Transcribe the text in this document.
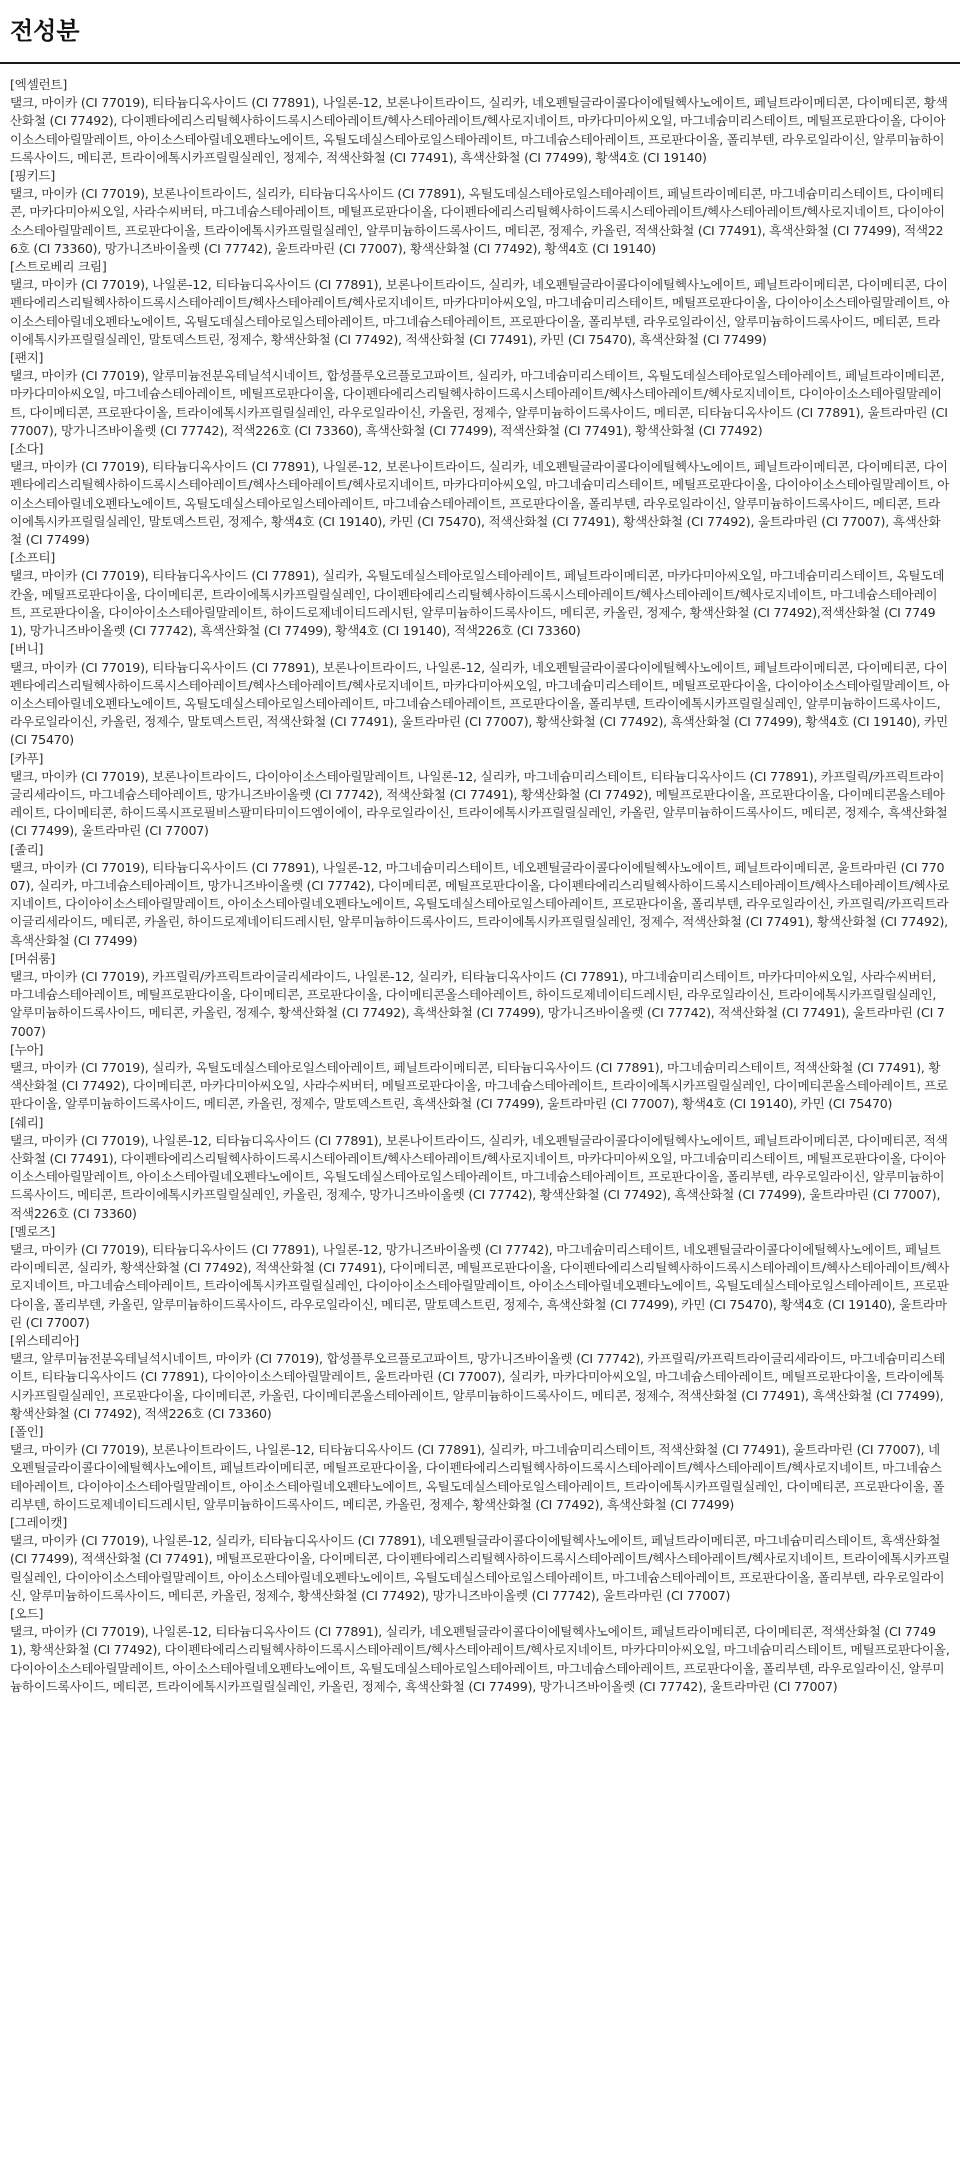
전성분
[엑셀런트]
탤크, 마이카 (CI 77019), 티타늄디옥사이드 (CI 77891), 나일론-12, 보론나이트라이드, 실리카, 네오펜틸글라이콜다이에틸헥사노에이트, 페닐트라이메티콘, 다이메티콘, 황색산화철 (CI 77492), 다이펜타에리스리틸헥사하이드록시스테아레이트/헥사스테아레이트/헥사로지네이트, 마카다미아씨오일, 마그네슘미리스테이트, 메틸프로판다이올, 다이아이소스테아릴말레이트, 아이소스테아릴네오펜타노에이트, 옥틸도데실스테아로일스테아레이트, 마그네슘스테아레이트, 프로판다이올, 폴리부텐, 라우로일라이신, 알루미늄하이드록사이드, 메티콘, 트라이에톡시카프릴릴실레인, 정제수, 적색산화철 (CI 77491), 흑색산화철 (CI 77499), 황색4호 (CI 19140)
[핑키드]
탤크, 마이카 (CI 77019), 보론나이트라이드, 실리카, 티타늄디옥사이드 (CI 77891), 옥틸도데실스테아로일스테아레이트, 페닐트라이메티콘, 마그네슘미리스테이트, 다이메티콘, 마카다미아씨오일, 사라수씨버터, 마그네슘스테아레이트, 메틸프로판다이올, 다이펜타에리스리틸헥사하이드록시스테아레이트/헥사스테아레이트/헥사로지네이트, 다이아이소스테아릴말레이트, 프로판다이올, 트라이에톡시카프릴릴실레인, 알루미늄하이드록사이드, 메티콘, 정제수, 카올린, 적색산화철 (CI 77491), 흑색산화철 (CI 77499), 적색226호 (CI 73360), 망가니즈바이올렛 (CI 77742), 울트라마린 (CI 77007), 황색산화철 (CI 77492), 황색4호 (CI 19140)
[스트로베리 크림]
탤크, 마이카 (CI 77019), 나일론-12, 티타늄디옥사이드 (CI 77891), 보론나이트라이드, 실리카, 네오펜틸글라이콜다이에틸헥사노에이트, 페닐트라이메티콘, 다이메티콘, 다이펜타에리스리틸헥사하이드록시스테아레이트/헥사스테아레이트/헥사로지네이트, 마카다미아씨오일, 마그네슘미리스테이트, 메틸프로판다이올, 다이아이소스테아릴말레이트, 아이소스테아릴네오펜타노에이트, 옥틸도데실스테아로일스테아레이트, 마그네슘스테아레이트, 프로판다이올, 폴리부텐, 라우로일라이신, 알루미늄하이드록사이드, 메티콘, 트라이에톡시카프릴릴실레인, 말토덱스트린, 정제수, 황색산화철 (CI 77492), 적색산화철 (CI 77491), 카민 (CI 75470), 흑색산화철 (CI 77499)
[팬지]
탤크, 마이카 (CI 77019), 알루미늄전분옥테닐석시네이트, 합성플루오르플로고파이트, 실리카, 마그네슘미리스테이트, 옥틸도데실스테아로일스테아레이트, 페닐트라이메티콘, 마카다미아씨오일, 마그네슘스테아레이트, 메틸프로판다이올, 다이펜타에리스리틸헥사하이드록시스테아레이트/헥사스테아레이트/헥사로지네이트, 다이아이소스테아릴말레이트, 다이메티콘, 프로판다이올, 트라이에톡시카프릴릴실레인, 라우로일라이신, 카올린, 정제수, 알루미늄하이드록사이드, 메티콘, 티타늄디옥사이드 (CI 77891), 울트라마린 (CI 77007), 망가니즈바이올렛 (CI 77742), 적색226호 (CI 73360), 흑색산화철 (CI 77499), 적색산화철 (CI 77491), 황색산화철 (CI 77492)
[소다]
탤크, 마이카 (CI 77019), 티타늄디옥사이드 (CI 77891), 나일론-12, 보론나이트라이드, 실리카, 네오펜틸글라이콜다이에틸헥사노에이트, 페닐트라이메티콘, 다이메티콘, 다이펜타에리스리틸헥사하이드록시스테아레이트/헥사스테아레이트/헥사로지네이트, 마카다미아씨오일, 마그네슘미리스테이트, 메틸프로판다이올, 다이아이소스테아릴말레이트, 아이소스테아릴네오펜타노에이트, 옥틸도데실스테아로일스테아레이트, 마그네슘스테아레이트, 프로판다이올, 폴리부텐, 라우로일라이신, 알루미늄하이드록사이드, 메티콘, 트라이에톡시카프릴릴실레인, 말토덱스트린, 정제수, 황색4호 (CI 19140), 카민 (CI 75470), 적색산화철 (CI 77491), 황색산화철 (CI 77492), 울트라마린 (CI 77007), 흑색산화철 (CI 77499)
[소프티]
탤크, 마이카 (CI 77019), 티타늄디옥사이드 (CI 77891), 실리카, 옥틸도데실스테아로일스테아레이트, 페닐트라이메티콘, 마카다미아씨오일, 마그네슘미리스테이트, 옥틸도데칸올, 메틸프로판다이올, 다이메티콘, 트라이에톡시카프릴릴실레인, 다이펜타에리스리틸헥사하이드록시스테아레이트/헥사스테아레이트/헥사로지네이트, 마그네슘스테아레이트, 프로판다이올, 다이아이소스테아릴말레이트, 하이드로제네이티드레시틴, 알루미늄하이드록사이드, 메티콘, 카올린, 정제수, 황색산화철 (CI 77492),적색산화철 (CI 77491), 망가니즈바이올렛 (CI 77742), 흑색산화철 (CI 77499), 황색4호 (CI 19140), 적색226호 (CI 73360)
[버니]
탤크, 마이카 (CI 77019), 티타늄디옥사이드 (CI 77891), 보론나이트라이드, 나일론-12, 실리카, 네오펜틸글라이콜다이에틸헥사노에이트, 페닐트라이메티콘, 다이메티콘, 다이펜타에리스리틸헥사하이드록시스테아레이트/헥사스테아레이트/헥사로지네이트, 마카다미아씨오일, 마그네슘미리스테이트, 메틸프로판다이올, 다이아이소스테아릴말레이트, 아이소스테아릴네오펜타노에이트, 옥틸도데실스테아로일스테아레이트, 마그네슘스테아레이트, 프로판다이올, 폴리부텐, 트라이에톡시카프릴릴실레인, 알루미늄하이드록사이드, 라우로일라이신, 카올린, 정제수, 말토덱스트린, 적색산화철 (CI 77491), 울트라마린 (CI 77007), 황색산화철 (CI 77492), 흑색산화철 (CI 77499), 황색4호 (CI 19140), 카민 (CI 75470)
[카푸]
탤크, 마이카 (CI 77019), 보론나이트라이드, 다이아이소스테아릴말레이트, 나일론-12, 실리카, 마그네슘미리스테이트, 티타늄디옥사이드 (CI 77891), 카프릴릭/카프릭트라이글리세라이드, 마그네슘스테아레이트, 망가니즈바이올렛 (CI 77742), 적색산화철 (CI 77491), 황색산화철 (CI 77492), 메틸프로판다이올, 프로판다이올, 다이메티콘올스테아레이트, 다이메티콘, 하이드록시프로필비스팔미타미이드엠이에이, 라우로일라이신, 트라이에톡시카프릴릴실레인, 카올린, 알루미늄하이드록사이드, 메티콘, 정제수, 흑색산화철 (CI 77499), 울트라마린 (CI 77007)
[졸리]
탤크, 마이카 (CI 77019), 티타늄디옥사이드 (CI 77891), 나일론-12, 마그네슘미리스테이트, 네오펜틸글라이콜다이에틸헥사노에이트, 페닐트라이메티콘, 울트라마린 (CI 77007), 실리카, 마그네슘스테아레이트, 망가니즈바이올렛 (CI 77742), 다이메티콘, 메틸프로판다이올, 다이펜타에리스리틸헥사하이드록시스테아레이트/헥사스테아레이트/헥사로지네이트, 다이아이소스테아릴말레이트, 아이소스테아릴네오펜타노에이트, 옥틸도데실스테아로일스테아레이트, 프로판다이올, 폴리부텐, 라우로일라이신, 카프릴릭/카프릭트라이글리세라이드, 메티콘, 카올린, 하이드로제네이티드레시틴, 알루미늄하이드록사이드, 트라이에톡시카프릴릴실레인, 정제수, 적색산화철 (CI 77491), 황색산화철 (CI 77492), 흑색산화철 (CI 77499)
[머쉬룸]
탤크, 마이카 (CI 77019), 카프릴릭/카프릭트라이글리세라이드, 나일론-12, 실리카, 티타늄디옥사이드 (CI 77891), 마그네슘미리스테이트, 마카다미아씨오일, 사라수씨버터, 마그네슘스테아레이트, 메틸프로판다이올, 다이메티콘, 프로판다이올, 다이메티콘올스테아레이트, 하이드로제네이티드레시틴, 라우로일라이신, 트라이에톡시카프릴릴실레인, 알루미늄하이드록사이드, 메티콘, 카올린, 정제수, 황색산화철 (CI 77492), 흑색산화철 (CI 77499), 망가니즈바이올렛 (CI 77742), 적색산화철 (CI 77491), 울트라마린 (CI 77007)
[누아]
탤크, 마이카 (CI 77019), 실리카, 옥틸도데실스테아로일스테아레이트, 페닐트라이메티콘, 티타늄디옥사이드 (CI 77891), 마그네슘미리스테이트, 적색산화철 (CI 77491), 황색산화철 (CI 77492), 다이메티콘, 마카다미아씨오일, 사라수씨버터, 메틸프로판다이올, 마그네슘스테아레이트, 트라이에톡시카프릴릴실레인, 다이메티콘올스테아레이트, 프로판다이올, 알루미늄하이드록사이드, 메티콘, 카올린, 정제수, 말토덱스트린, 흑색산화철 (CI 77499), 울트라마린 (CI 77007), 황색4호 (CI 19140), 카민 (CI 75470)
[쉐리]
탤크, 마이카 (CI 77019), 나일론-12, 티타늄디옥사이드 (CI 77891), 보론나이트라이드, 실리카, 네오펜틸글라이콜다이에틸헥사노에이트, 페닐트라이메티콘, 다이메티콘, 적색산화철 (CI 77491), 다이펜타에리스리틸헥사하이드록시스테아레이트/헥사스테아레이트/헥사로지네이트, 마카다미아씨오일, 마그네슘미리스테이트, 메틸프로판다이올, 다이아이소스테아릴말레이트, 아이소스테아릴네오펜타노에이트, 옥틸도데실스테아로일스테아레이트, 마그네슘스테아레이트, 프로판다이올, 폴리부텐, 라우로일라이신, 알루미늄하이드록사이드, 메티콘, 트라이에톡시카프릴릴실레인, 카올린, 정제수, 망가니즈바이올렛 (CI 77742), 황색산화철 (CI 77492), 흑색산화철 (CI 77499), 울트라마린 (CI 77007), 적색226호 (CI 73360)
[멜로즈]
탤크, 마이카 (CI 77019), 티타늄디옥사이드 (CI 77891), 나일론-12, 망가니즈바이올렛 (CI 77742), 마그네슘미리스테이트, 네오펜틸글라이콜다이에틸헥사노에이트, 페닐트라이메티콘, 실리카, 황색산화철 (CI 77492), 적색산화철 (CI 77491), 다이메티콘, 메틸프로판다이올, 다이펜타에리스리틸헥사하이드록시스테아레이트/헥사스테아레이트/헥사로지네이트, 마그네슘스테아레이트, 트라이에톡시카프릴릴실레인, 다이아이소스테아릴말레이트, 아이소스테아릴네오펜타노에이트, 옥틸도데실스테아로일스테아레이트, 프로판다이올, 폴리부텐, 카올린, 알루미늄하이드록사이드, 라우로일라이신, 메티콘, 말토덱스트린, 정제수, 흑색산화철 (CI 77499), 카민 (CI 75470), 황색4호 (CI 19140), 울트라마린 (CI 77007)
[위스테리아]
탤크, 알루미늄전분옥테닐석시네이트, 마이카 (CI 77019), 합성플루오르플로고파이트, 망가니즈바이올렛 (CI 77742), 카프릴릭/카프릭트라이글리세라이드, 마그네슘미리스테이트, 티타늄디옥사이드 (CI 77891), 다이아이소스테아릴말레이트, 울트라마린 (CI 77007), 실리카, 마카다미아씨오일, 마그네슘스테아레이트, 메틸프로판다이올, 트라이에톡시카프릴릴실레인, 프로판다이올, 다이메티콘, 카올린, 다이메티콘올스테아레이트, 알루미늄하이드록사이드, 메티콘, 정제수, 적색산화철 (CI 77491), 흑색산화철 (CI 77499), 황색산화철 (CI 77492), 적색226호 (CI 73360)
[폴인]
탤크, 마이카 (CI 77019), 보론나이트라이드, 나일론-12, 티타늄디옥사이드 (CI 77891), 실리카, 마그네슘미리스테이트, 적색산화철 (CI 77491), 울트라마린 (CI 77007), 네오펜틸글라이콜다이에틸헥사노에이트, 페닐트라이메티콘, 메틸프로판다이올, 다이펜타에리스리틸헥사하이드록시스테아레이트/헥사스테아레이트/헥사로지네이트, 마그네슘스테아레이트, 다이아이소스테아릴말레이트, 아이소스테아릴네오펜타노에이트, 옥틸도데실스테아로일스테아레이트, 트라이에톡시카프릴릴실레인, 다이메티콘, 프로판다이올, 폴리부텐, 하이드로제네이티드레시틴, 알루미늄하이드록사이드, 메티콘, 카올린, 정제수, 황색산화철 (CI 77492), 흑색산화철 (CI 77499)
[그레이캣]
탤크, 마이카 (CI 77019), 나일론-12, 실리카, 티타늄디옥사이드 (CI 77891), 네오펜틸글라이콜다이에틸헥사노에이트, 페닐트라이메티콘, 마그네슘미리스테이트, 흑색산화철 (CI 77499), 적색산화철 (CI 77491), 메틸프로판다이올, 다이메티콘, 다이펜타에리스리틸헥사하이드록시스테아레이트/헥사스테아레이트/헥사로지네이트, 트라이에톡시카프릴릴실레인, 다이아이소스테아릴말레이트, 아이소스테아릴네오펜타노에이트, 옥틸도데실스테아로일스테아레이트, 마그네슘스테아레이트, 프로판다이올, 폴리부텐, 라우로일라이신, 알루미늄하이드록사이드, 메티콘, 카올린, 정제수, 황색산화철 (CI 77492), 망가니즈바이올렛 (CI 77742), 울트라마린 (CI 77007)
[오드]
탤크, 마이카 (CI 77019), 나일론-12, 티타늄디옥사이드 (CI 77891), 실리카, 네오펜틸글라이콜다이에틸헥사노에이트, 페닐트라이메티콘, 다이메티콘, 적색산화철 (CI 77491), 황색산화철 (CI 77492), 다이펜타에리스리틸헥사하이드록시스테아레이트/헥사스테아레이트/헥사로지네이트, 마카다미아씨오일, 마그네슘미리스테이트, 메틸프로판다이올, 다이아이소스테아릴말레이트, 아이소스테아릴네오펜타노에이트, 옥틸도데실스테아로일스테아레이트, 마그네슘스테아레이트, 프로판다이올, 폴리부텐, 라우로일라이신, 알루미늄하이드록사이드, 메티콘, 트라이에톡시카프릴릴실레인, 카올린, 정제수, 흑색산화철 (CI 77499), 망가니즈바이올렛 (CI 77742), 울트라마린 (CI 77007)
